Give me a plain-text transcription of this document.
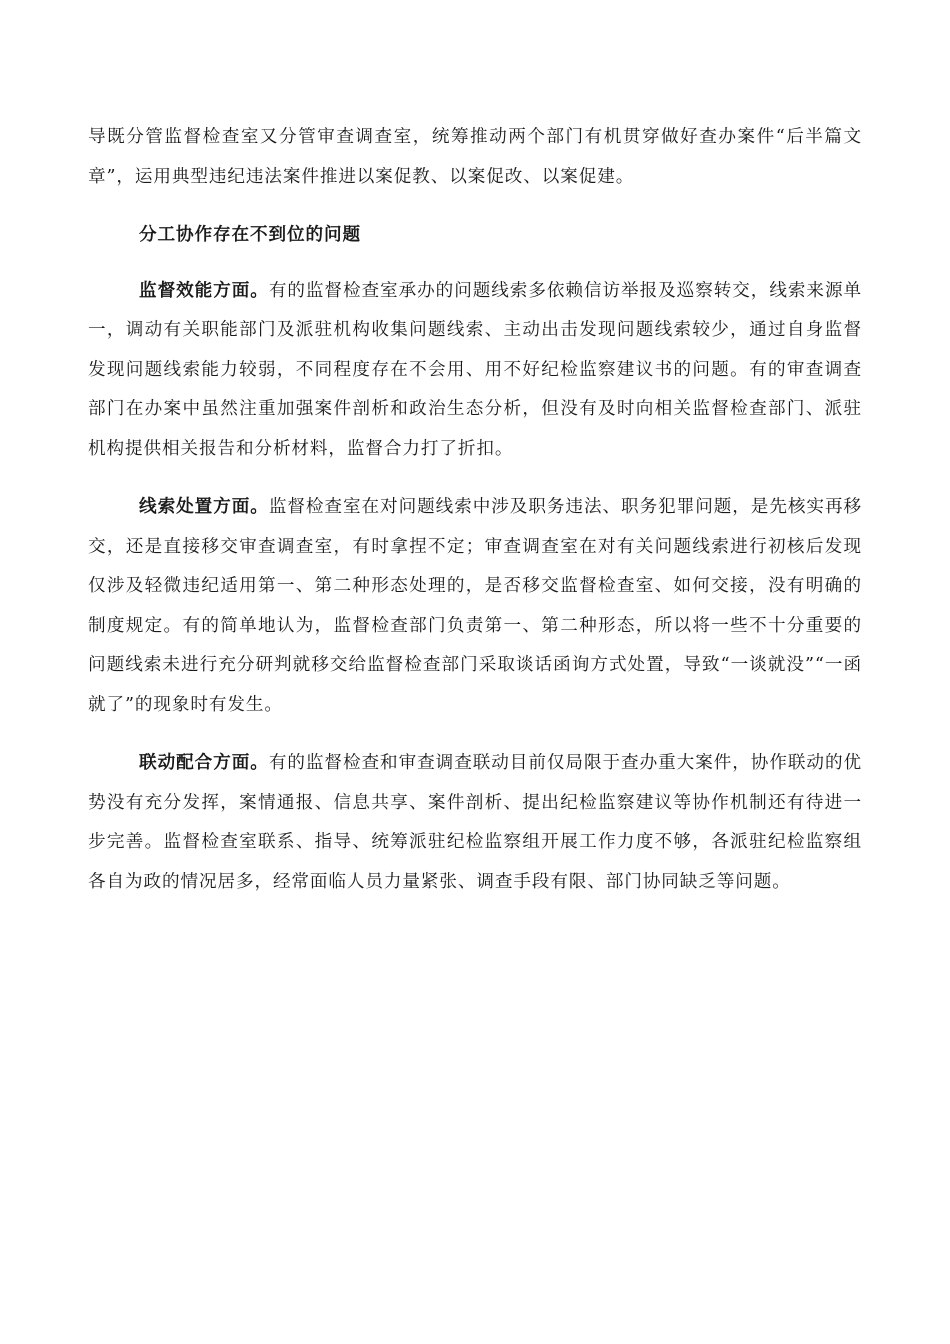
导既分管监督检查室又分管审查调查室，统筹推动两个部门有机贯穿做好查办案件“后半篇文章”，运用典型违纪违法案件推进以案促教、以案促改、以案促建。

分工协作存在不到位的问题

监督效能方面。有的监督检查室承办的问题线索多依赖信访举报及巡察转交，线索来源单一，调动有关职能部门及派驻机构收集问题线索、主动出击发现问题线索较少，通过自身监督发现问题线索能力较弱，不同程度存在不会用、用不好纪检监察建议书的问题。有的审查调查部门在办案中虽然注重加强案件剖析和政治生态分析，但没有及时向相关监督检查部门、派驻机构提供相关报告和分析材料，监督合力打了折扣。

线索处置方面。监督检查室在对问题线索中涉及职务违法、职务犯罪问题，是先核实再移交，还是直接移交审查调查室，有时拿捏不定；审查调查室在对有关问题线索进行初核后发现仅涉及轻微违纪适用第一、第二种形态处理的，是否移交监督检查室、如何交接，没有明确的制度规定。有的简单地认为，监督检查部门负责第一、第二种形态，所以将一些不十分重要的问题线索未进行充分研判就移交给监督检查部门采取谈话函询方式处置，导致“一谈就没”“一函就了”的现象时有发生。

联动配合方面。有的监督检查和审查调查联动目前仅局限于查办重大案件，协作联动的优势没有充分发挥，案情通报、信息共享、案件剖析、提出纪检监察建议等协作机制还有待进一步完善。监督检查室联系、指导、统筹派驻纪检监察组开展工作力度不够，各派驻纪检监察组各自为政的情况居多，经常面临人员力量紧张、调查手段有限、部门协同缺乏等问题。
